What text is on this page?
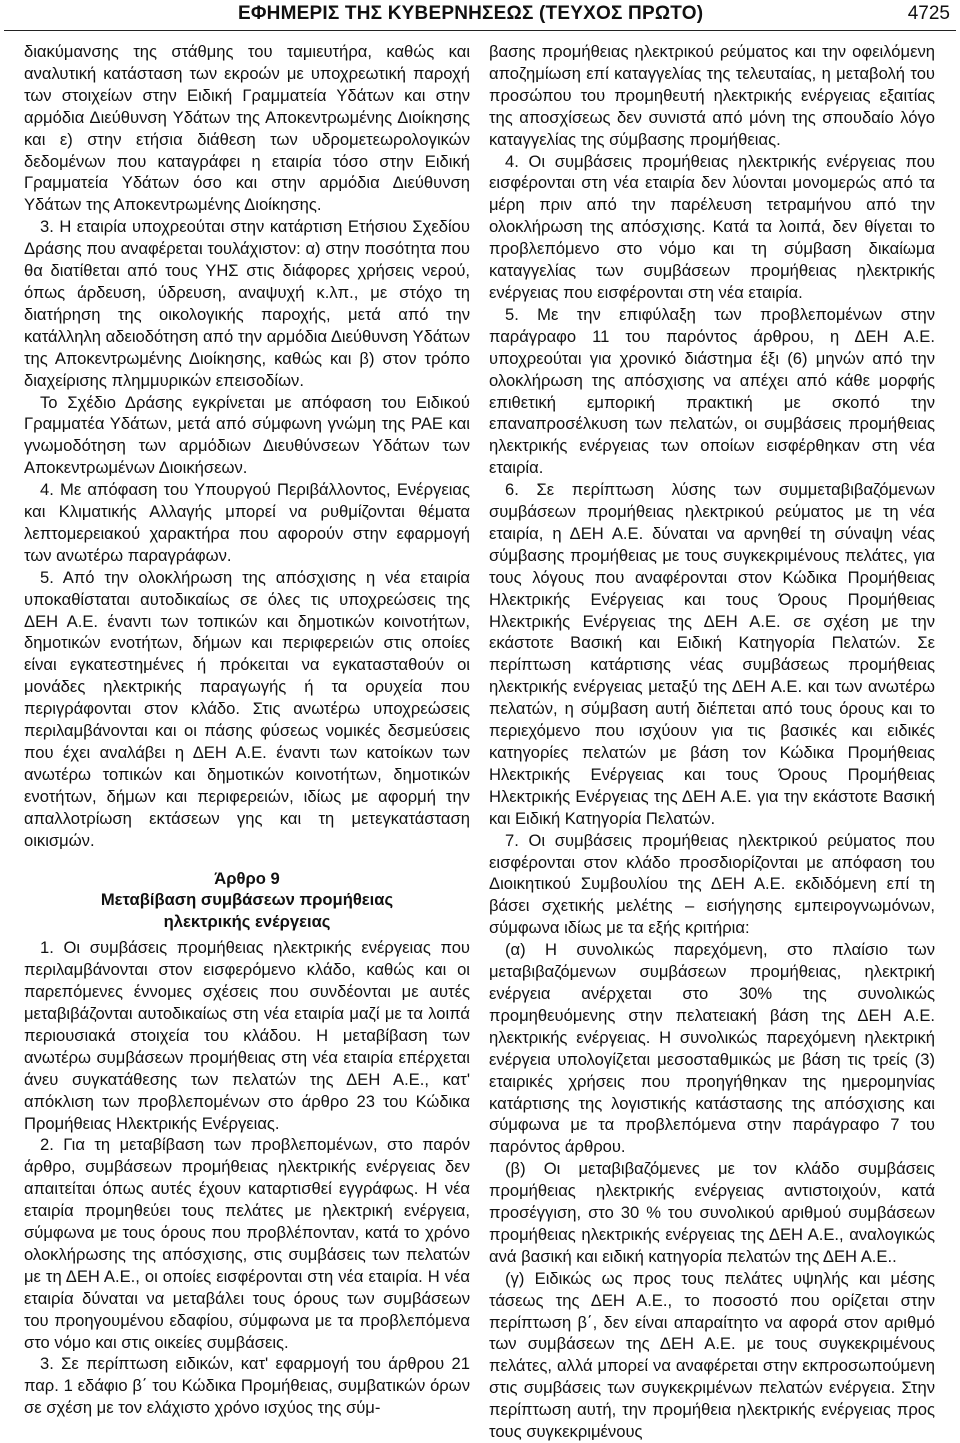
ΕΦΗΜΕΡΙΣ ΤΗΣ ΚΥΒΕΡΝΗΣΕΩΣ (ΤΕΥΧΟΣ ΠΡΩΤΟ)	4725

διακύμανσης της στάθμης του ταμιευτήρα, καθώς και αναλυτική κατάσταση των εκροών με υποχρεωτική παροχή των στοιχείων στην Ειδική Γραμματεία Υδάτων και στην αρμόδια Διεύθυνση Υδάτων της Αποκεντρωμένης Διοίκησης και ε) στην ετήσια διάθεση των υδρομετεωρολογικών δεδομένων που καταγράφει η εταιρία τόσο στην Ειδική Γραμματεία Υδάτων όσο και στην αρμόδια Διεύθυνση Υδάτων της Αποκεντρωμένης Διοίκησης.

3. Η εταιρία υποχρεούται στην κατάρτιση Ετήσιου Σχεδίου Δράσης που αναφέρεται τουλάχιστον: α) στην ποσότητα που θα διατίθεται από τους ΥΗΣ στις διάφορες χρήσεις νερού, όπως άρδευση, ύδρευση, αναψυχή κ.λπ., με στόχο τη διατήρηση της οικολογικής παροχής, μετά από την κατάλληλη αδειοδότηση από την αρμόδια Διεύθυνση Υδάτων της Αποκεντρωμένης Διοίκησης, καθώς και β) στον τρόπο διαχείρισης πλημμυρικών επεισοδίων.

Το Σχέδιο Δράσης εγκρίνεται με απόφαση του Ειδικού Γραμματέα Υδάτων, μετά από σύμφωνη γνώμη της ΡΑΕ και γνωμοδότηση των αρμόδιων Διευθύνσεων Υδάτων των Αποκεντρωμένων Διοικήσεων.

4. Με απόφαση του Υπουργού Περιβάλλοντος, Ενέργειας και Κλιματικής Αλλαγής μπορεί να ρυθμίζονται θέματα λεπτομερειακού χαρακτήρα που αφορούν στην εφαρμογή των ανωτέρω παραγράφων.

5. Από την ολοκλήρωση της απόσχισης η νέα εταιρία υποκαθίσταται αυτοδικαίως σε όλες τις υποχρεώσεις της ΔΕΗ Α.Ε. έναντι των τοπικών και δημοτικών κοινοτήτων, δημοτικών ενοτήτων, δήμων και περιφερειών στις οποίες είναι εγκατεστημένες ή πρόκειται να εγκατασταθούν οι μονάδες ηλεκτρικής παραγωγής ή τα ορυχεία που περιγράφονται στον κλάδο. Στις ανωτέρω υποχρεώσεις περιλαμβάνονται και οι πάσης φύσεως νομικές δεσμεύσεις που έχει αναλάβει η ΔΕΗ Α.Ε. έναντι των κατοίκων των ανωτέρω τοπικών και δημοτικών κοινοτήτων, δημοτικών ενοτήτων, δήμων και περιφερειών, ιδίως με αφορμή την απαλλοτρίωση εκτάσεων γης και τη μετεγκατάσταση οικισμών.

Άρθρο 9
Μεταβίβαση συμβάσεων προμήθειας
ηλεκτρικής ενέργειας

1. Οι συμβάσεις προμήθειας ηλεκτρικής ενέργειας που περιλαμβάνονται στον εισφερόμενο κλάδο, καθώς και οι παρεπόμενες έννομες σχέσεις που συνδέονται με αυτές μεταβιβάζονται αυτοδικαίως στη νέα εταιρία μαζί με τα λοιπά περιουσιακά στοιχεία του κλάδου. Η μεταβίβαση των ανωτέρω συμβάσεων προμήθειας στη νέα εταιρία επέρχεται άνευ συγκατάθεσης των πελατών της ΔΕΗ Α.Ε., κατ' απόκλιση των προβλεπομένων στο άρθρο 23 του Κώδικα Προμήθειας Ηλεκτρικής Ενέργειας.

2. Για τη μεταβίβαση των προβλεπομένων, στο παρόν άρθρο, συμβάσεων προμήθειας ηλεκτρικής ενέργειας δεν απαιτείται όπως αυτές έχουν καταρτισθεί εγγράφως. Η νέα εταιρία προμηθεύει τους πελάτες με ηλεκτρική ενέργεια, σύμφωνα με τους όρους που προβλέπονταν, κατά το χρόνο ολοκλήρωσης της απόσχισης, στις συμβάσεις των πελατών με τη ΔΕΗ Α.Ε., οι οποίες εισφέρονται στη νέα εταιρία. Η νέα εταιρία δύναται να μεταβάλει τους όρους των συμβάσεων του προηγουμένου εδαφίου, σύμφωνα με τα προβλεπόμενα στο νόμο και στις οικείες συμβάσεις.

3. Σε περίπτωση ειδικών, κατ' εφαρμογή του άρθρου 21 παρ. 1 εδάφιο β΄ του Κώδικα Προμήθειας, συμβατικών όρων σε σχέση με τον ελάχιστο χρόνο ισχύος της σύμ-

βασης προμήθειας ηλεκτρικού ρεύματος και την οφειλόμενη αποζημίωση επί καταγγελίας της τελευταίας, η μεταβολή του προσώπου του προμηθευτή ηλεκτρικής ενέργειας εξαιτίας της αποσχίσεως δεν συνιστά από μόνη της σπουδαίο λόγο καταγγελίας της σύμβασης προμήθειας.

4. Οι συμβάσεις προμήθειας ηλεκτρικής ενέργειας που εισφέρονται στη νέα εταιρία δεν λύονται μονομερώς από τα μέρη πριν από την παρέλευση τετραμήνου από την ολοκλήρωση της απόσχισης. Κατά τα λοιπά, δεν θίγεται το προβλεπόμενο στο νόμο και τη σύμβαση δικαίωμα καταγγελίας των συμβάσεων προμήθειας ηλεκτρικής ενέργειας που εισφέρονται στη νέα εταιρία.

5. Με την επιφύλαξη των προβλεπομένων στην παράγραφο 11 του παρόντος άρθρου, η ΔΕΗ Α.Ε. υποχρεούται για χρονικό διάστημα έξι (6) μηνών από την ολοκλήρωση της απόσχισης να απέχει από κάθε μορφής επιθετική εμπορική πρακτική με σκοπό την επαναπροσέλκυση των πελατών, οι συμβάσεις προμήθειας ηλεκτρικής ενέργειας των οποίων εισφέρθηκαν στη νέα εταιρία.

6. Σε περίπτωση λύσης των συμμεταβιβαζόμενων συμβάσεων προμήθειας ηλεκτρικού ρεύματος με τη νέα εταιρία, η ΔΕΗ Α.Ε. δύναται να αρνηθεί τη σύναψη νέας σύμβασης προμήθειας με τους συγκεκριμένους πελάτες, για τους λόγους που αναφέρονται στον Κώδικα Προμήθειας Ηλεκτρικής Ενέργειας και τους Όρους Προμήθειας Ηλεκτρικής Ενέργειας της ΔΕΗ Α.Ε. σε σχέση με την εκάστοτε Βασική και Ειδική Κατηγορία Πελατών. Σε περίπτωση κατάρτισης νέας συμβάσεως προμήθειας ηλεκτρικής ενέργειας μεταξύ της ΔΕΗ Α.Ε. και των ανωτέρω πελατών, η σύμβαση αυτή διέπεται από τους όρους και το περιεχόμενο που ισχύουν για τις βασικές και ειδικές κατηγορίες πελατών με βάση τον Κώδικα Προμήθειας Ηλεκτρικής Ενέργειας και τους Όρους Προμήθειας Ηλεκτρικής Ενέργειας της ΔΕΗ Α.Ε. για την εκάστοτε Βασική και Ειδική Κατηγορία Πελατών.

7. Οι συμβάσεις προμήθειας ηλεκτρικού ρεύματος που εισφέρονται στον κλάδο προσδιορίζονται με απόφαση του Διοικητικού Συμβουλίου της ΔΕΗ Α.Ε. εκδιδόμενη επί τη βάσει σχετικής μελέτης – εισήγησης εμπειρογνωμόνων, σύμφωνα ιδίως με τα εξής κριτήρια:

(α) Η συνολικώς παρεχόμενη, στο πλαίσιο των μεταβιβαζόμενων συμβάσεων προμήθειας, ηλεκτρική ενέργεια ανέρχεται στο 30% της συνολικώς προμηθευόμενης στην πελατειακή βάση της ΔΕΗ Α.Ε. ηλεκτρικής ενέργειας. Η συνολικώς παρεχόμενη ηλεκτρική ενέργεια υπολογίζεται μεσοσταθμικώς με βάση τις τρείς (3) εταιρικές χρήσεις που προηγήθηκαν της ημερομηνίας κατάρτισης της λογιστικής κατάστασης της απόσχισης και σύμφωνα με τα προβλεπόμενα στην παράγραφο 7 του παρόντος άρθρου.

(β) Οι μεταβιβαζόμενες με τον κλάδο συμβάσεις προμήθειας ηλεκτρικής ενέργειας αντιστοιχούν, κατά προσέγγιση, στο 30 % του συνολικού αριθμού συμβάσεων προμήθειας ηλεκτρικής ενέργειας της ΔΕΗ Α.Ε., αναλογικώς ανά βασική και ειδική κατηγορία πελατών της ΔΕΗ Α.Ε..

(γ) Ειδικώς ως προς τους πελάτες υψηλής και μέσης τάσεως της ΔΕΗ Α.Ε., το ποσοστό που ορίζεται στην περίπτωση β΄, δεν είναι απαραίτητο να αφορά στον αριθμό των συμβάσεων της ΔΕΗ Α.Ε. με τους συγκεκριμένους πελάτες, αλλά μπορεί να αναφέρεται στην εκπροσωπούμενη στις συμβάσεις των συγκεκριμένων πελατών ενέργεια. Στην περίπτωση αυτή, την προμήθεια ηλεκτρικής ενέργειας προς τους συγκεκριμένους
